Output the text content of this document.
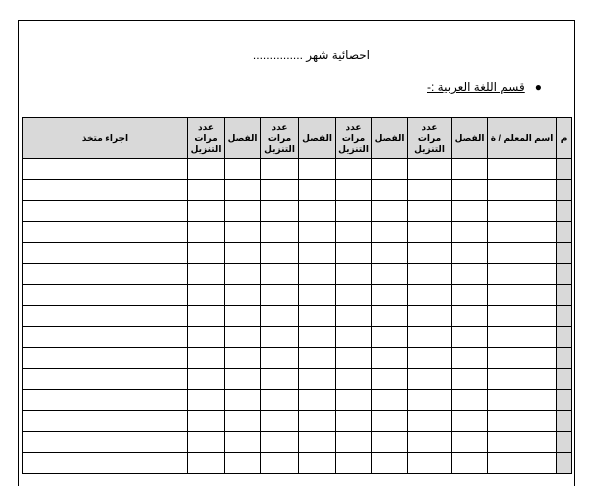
احصائية شهر ...............
●
قسم اللغة العربية :-
م	اسم المعلم / ة	الفصل	عدد
مرات
التنزيل	الفصل	عدد
مرات
التنزيل	الفصل	عدد
مرات
التنزيل	الفصل	عدد
مرات
التنزيل	اجراء متخذ
